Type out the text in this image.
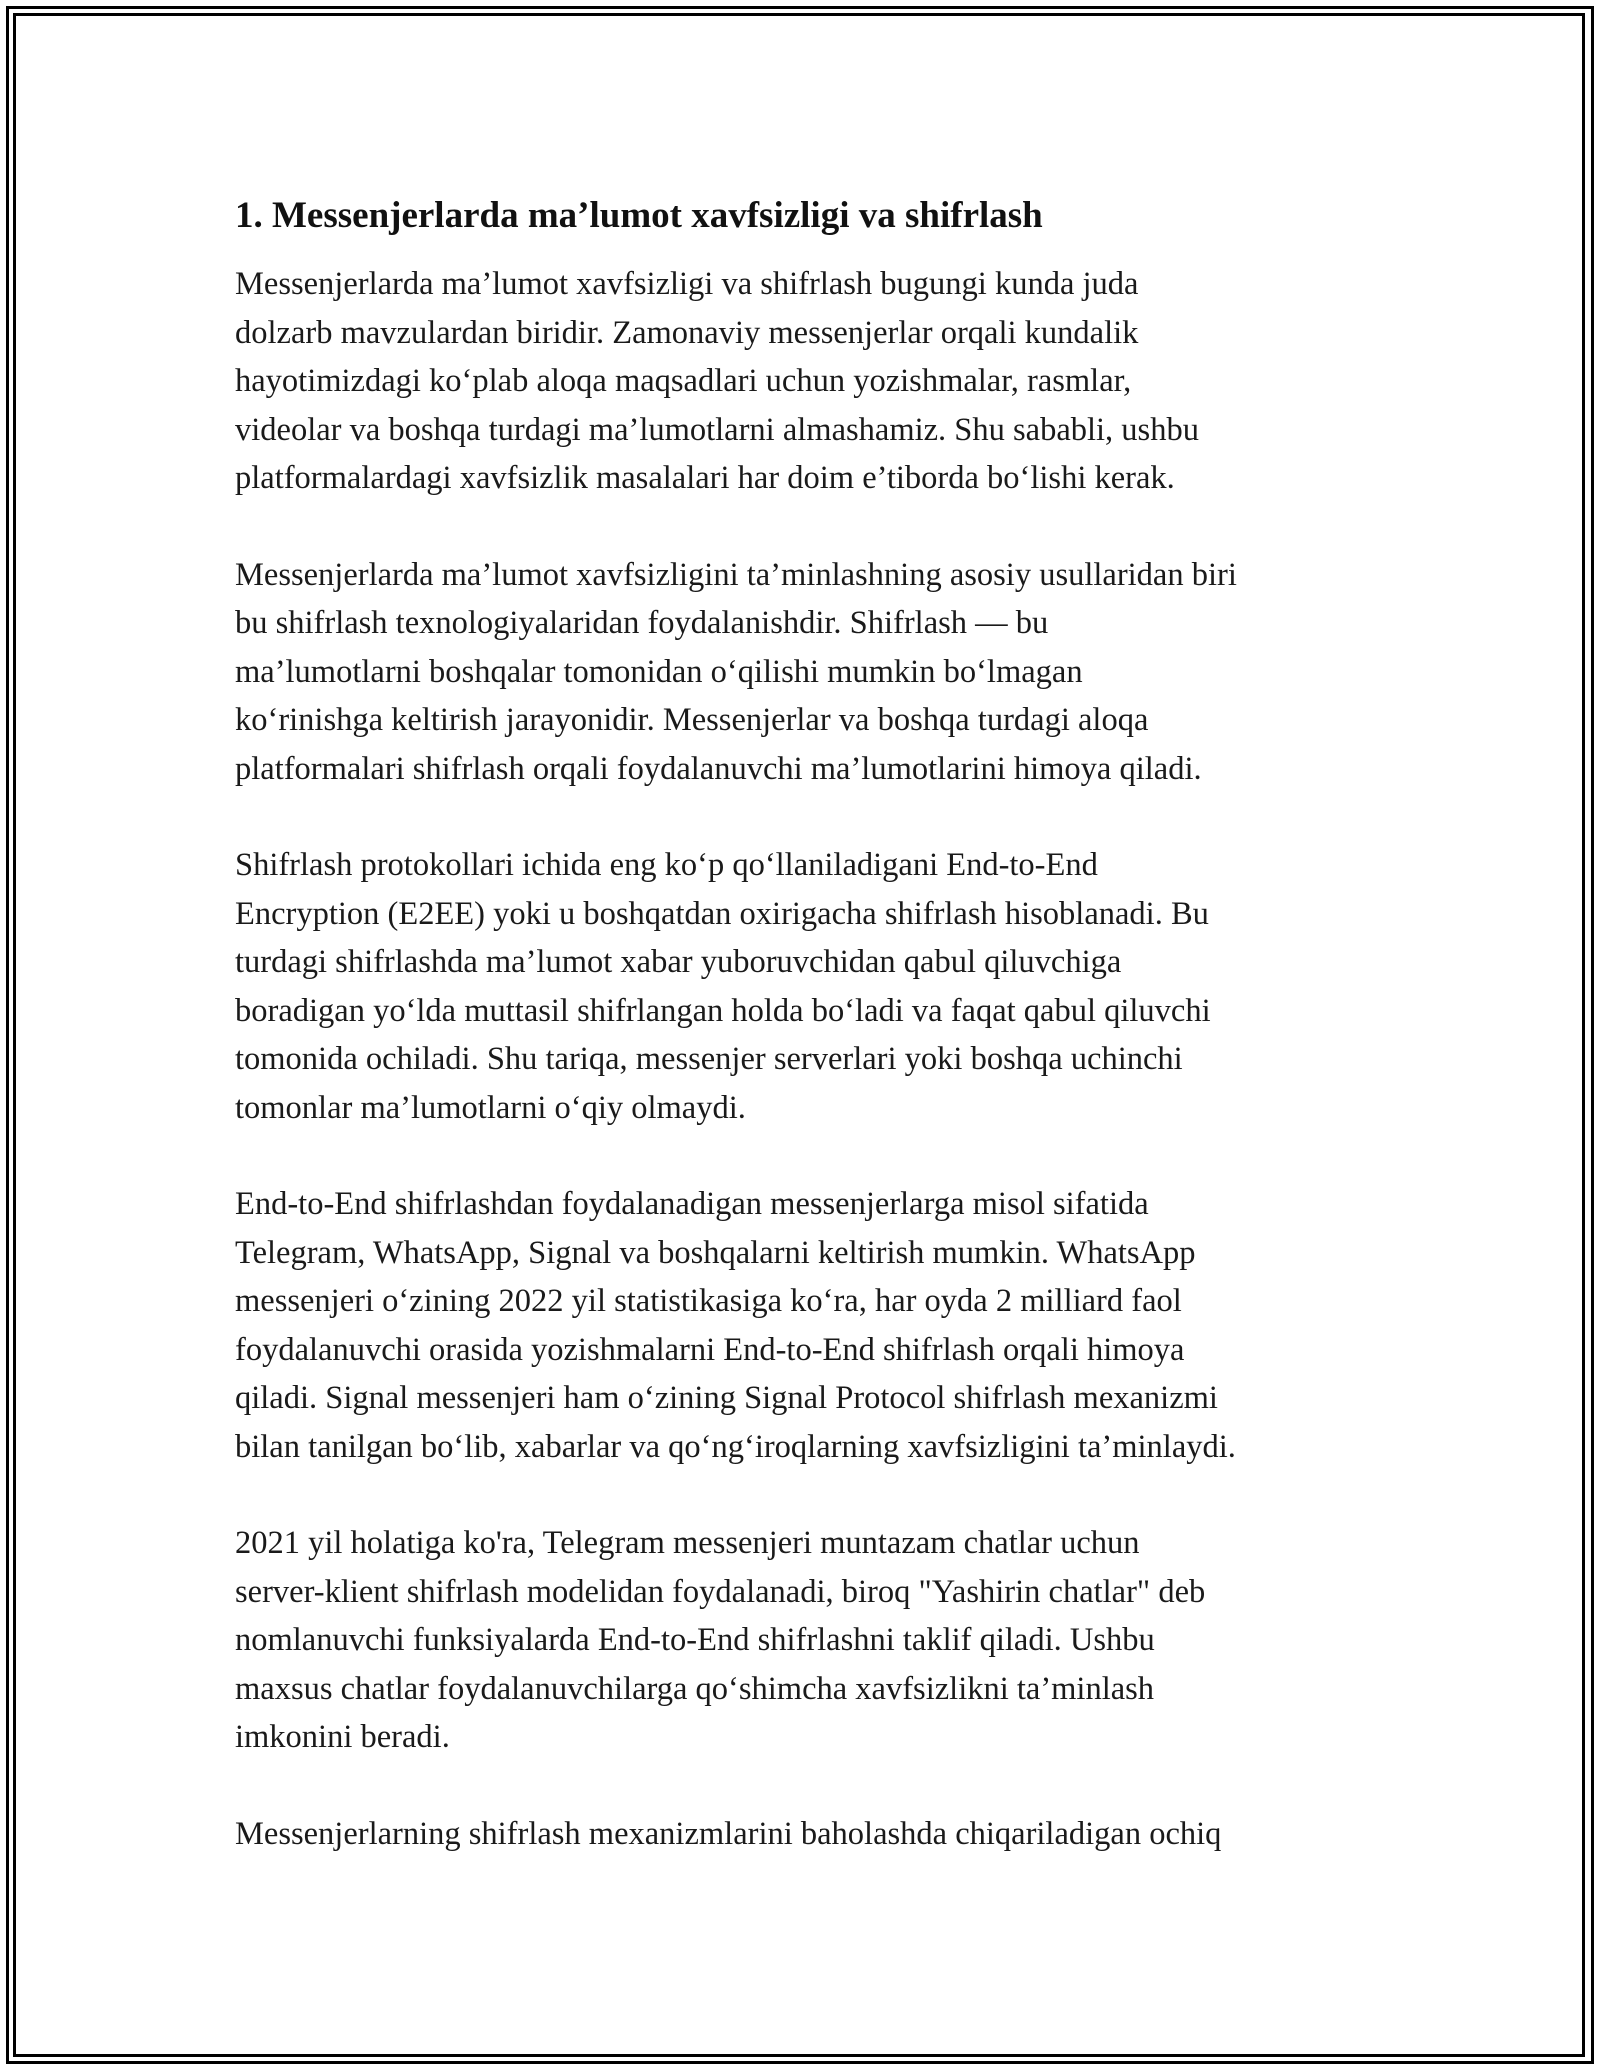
1. Messenjerlarda ma’lumot xavfsizligi va shifrlash
Messenjerlarda ma’lumot xavfsizligi va shifrlash bugungi kunda juda
dolzarb mavzulardan biridir. Zamonaviy messenjerlar orqali kundalik
hayotimizdagi ko‘plab aloqa maqsadlari uchun yozishmalar, rasmlar,
videolar va boshqa turdagi ma’lumotlarni almashamiz. Shu sababli, ushbu
platformalardagi xavfsizlik masalalari har doim e’tiborda bo‘lishi kerak.
Messenjerlarda ma’lumot xavfsizligini ta’minlashning asosiy usullaridan biri
bu shifrlash texnologiyalaridan foydalanishdir. Shifrlash — bu
ma’lumotlarni boshqalar tomonidan o‘qilishi mumkin bo‘lmagan
ko‘rinishga keltirish jarayonidir. Messenjerlar va boshqa turdagi aloqa
platformalari shifrlash orqali foydalanuvchi ma’lumotlarini himoya qiladi.
Shifrlash protokollari ichida eng ko‘p qo‘llaniladigani End-to-End
Encryption (E2EE) yoki u boshqatdan oxirigacha shifrlash hisoblanadi. Bu
turdagi shifrlashda ma’lumot xabar yuboruvchidan qabul qiluvchiga
boradigan yo‘lda muttasil shifrlangan holda bo‘ladi va faqat qabul qiluvchi
tomonida ochiladi. Shu tariqa, messenjer serverlari yoki boshqa uchinchi
tomonlar ma’lumotlarni o‘qiy olmaydi.
End-to-End shifrlashdan foydalanadigan messenjerlarga misol sifatida
Telegram, WhatsApp, Signal va boshqalarni keltirish mumkin. WhatsApp
messenjeri o‘zining 2022 yil statistikasiga ko‘ra, har oyda 2 milliard faol
foydalanuvchi orasida yozishmalarni End-to-End shifrlash orqali himoya
qiladi. Signal messenjeri ham o‘zining Signal Protocol shifrlash mexanizmi
bilan tanilgan bo‘lib, xabarlar va qo‘ng‘iroqlarning xavfsizligini ta’minlaydi.
2021 yil holatiga ko'ra, Telegram messenjeri muntazam chatlar uchun
server-klient shifrlash modelidan foydalanadi, biroq "Yashirin chatlar" deb
nomlanuvchi funksiyalarda End-to-End shifrlashni taklif qiladi. Ushbu
maxsus chatlar foydalanuvchilarga qo‘shimcha xavfsizlikni ta’minlash
imkonini beradi.
Messenjerlarning shifrlash mexanizmlarini baholashda chiqariladigan ochiq
